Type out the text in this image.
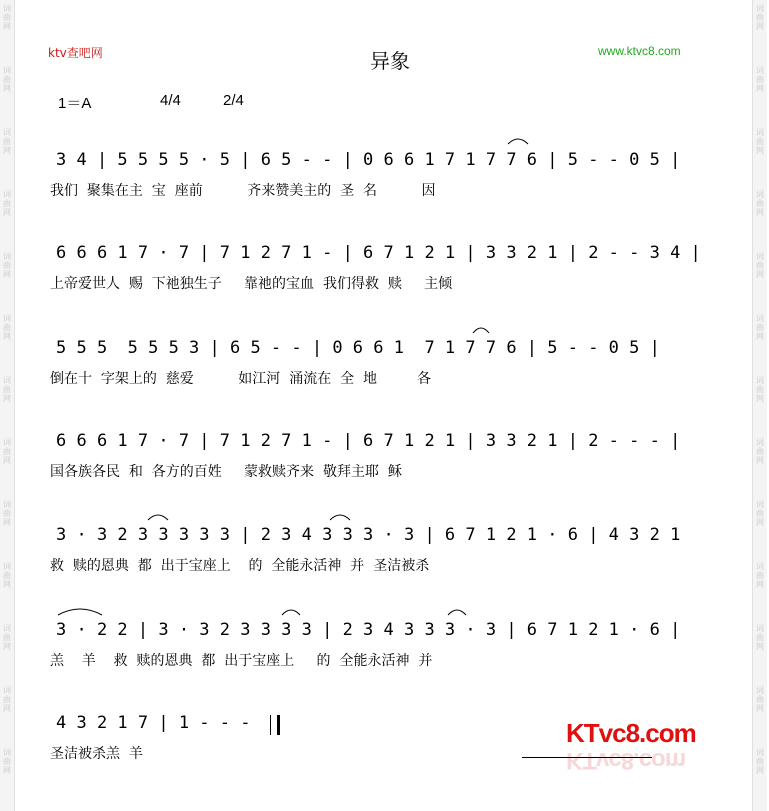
词
曲
网
词
曲
网
词
曲
网
词
曲
网
词
曲
网
词
曲
网
词
曲
网
词
曲
网
词
曲
网
词
曲
网
词
曲
网
词
曲
网
词
曲
网
词
曲
网
词
曲
网
词
曲
网
词
曲
网
词
曲
网
词
曲
网
词
曲
网
词
曲
网
词
曲
网
词
曲
网
词
曲
网
词
曲
网
词
曲
网
ktv查吧网	异象	www.ktvc8.com
1＝A	4/4	2/4
3 4 | 5 5 5 5 · 5 | 6 5 - - | 0 6 6 1 7 1 7 7 6 | 5 - - 0 5 |
我们  聚集在主  宝  座前          齐来赞美主的  圣  名          因
6 6 6 1 7 · 7 | 7 1 2 7 1 - | 6 7 1 2 1 | 3 3 2 1 | 2 - - 3 4 |
上帝爱世人  赐  下祂独生子     靠祂的宝血  我们得救  赎     主倾
5 5 5  5 5 5 3 | 6 5 - - | 0 6 6 1  7 1 7 7 6 | 5 - - 0 5 |
倒在十  字架上的  慈爱          如江河  涌流在  全  地         各
6 6 6 1 7 · 7 | 7 1 2 7 1 - | 6 7 1 2 1 | 3 3 2 1 | 2 - - - |
国各族各民  和  各方的百姓     蒙救赎齐来  敬拜主耶  稣
3 · 3 2 3 3 3 3 3 | 2 3 4 3 3 3 · 3 | 6 7 1 2 1 · 6 | 4 3 2 1
救  赎的恩典  都  出于宝座上    的  全能永活神  并  圣洁被杀
3 · 2 2 | 3 · 3 2 3 3 3 3 | 2 3 4 3 3 3 · 3 | 6 7 1 2 1 · 6 |
羔    羊    救  赎的恩典  都  出于宝座上     的  全能永活神  并
4 3 2 1 7 | 1 - - -
圣洁被杀羔  羊
KTvc8.com
KTvc8.com
